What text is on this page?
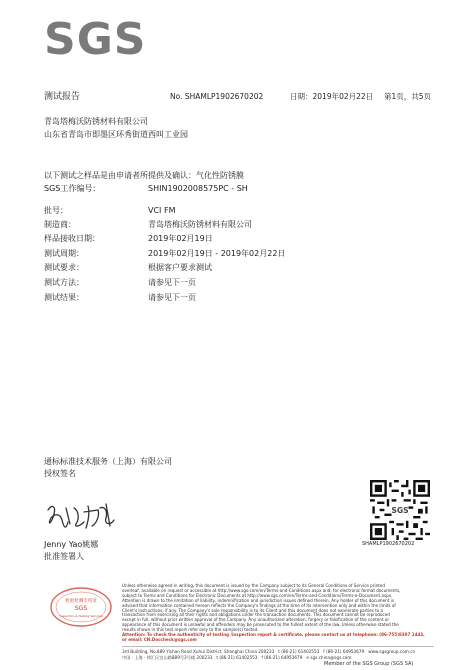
SGS
测试报告	No. SHAMLP1902670202	日期：2019年02月22日 第1页，共5页
青岛塔梅沃防锈材料有限公司
山东省青岛市即墨区环秀街道西叫工业园
以下测试之样品是由申请者所提供及确认：气化性防锈膜
SGS工作编号：	SHIN1902008575PC - SH
批号：	VCI FM
制造商：	青岛塔梅沃防锈材料有限公司
样品接收日期：	2019年02月19日
测试周期：	2019年02月19日 - 2019年02月22日
测试要求：	根据客户要求测试
测试方法：	请参见下一页
测试结果：	请参见下一页
通标标准技术服务（上海）有限公司
授权签名
Jenny Yao姚娜
批准签署人
SGS
SHAMLP1902670202
检验检测专用章
SGS
Inspection & Testing Services
Unless otherwise agreed in writing, this document is issued by the Company subject to its General Conditions of Service printed
overleaf, available on request or accessible at http://www.sgs.com/en/Terms-and-Conditions.aspx and, for electronic format documents,
subject to Terms and Conditions for Electronic Documents at http://www.sgs.com/en/Terms-and-Conditions/Terms-e-Document.aspx.
Attention is drawn to the limitation of liability, indemnification and jurisdiction issues defined therein. Any holder of this document is
advised that information contained hereon reflects the Company's findings at the time of its intervention only and within the limits of
Client's instructions, if any. The Company's sole responsibility is to its Client and this document does not exonerate parties to a
transaction from exercising all their rights and obligations under the transaction documents. This document cannot be reproduced
except in full, without prior written approval of the Company. Any unauthorized alteration, forgery or falsification of the content or
appearance of this document is unlawful and offenders may be prosecuted to the fullest extent of the law. Unless otherwise stated the
results shown in this test report refer only to the sample(s) tested.
Attention: To check the authenticity of testing /inspection report & certificate, please contact us at telephone: (86-755)8307 1443,
or email: CN.Doccheck@sgs.com
3rd Building, No.889 Yishan Road Xuhui District, Shanghai China 200233 t (86-21) 61402553 f (86-21) 64953679 www.sgsgroup.com.cn
中国 · 上海 · 徐汇区宜山路889号3号楼 200233 t (86-21) 61402553 f (86-21) 64953679 e sgs.china@sgs.com
Member of the SGS Group (SGS SA)
